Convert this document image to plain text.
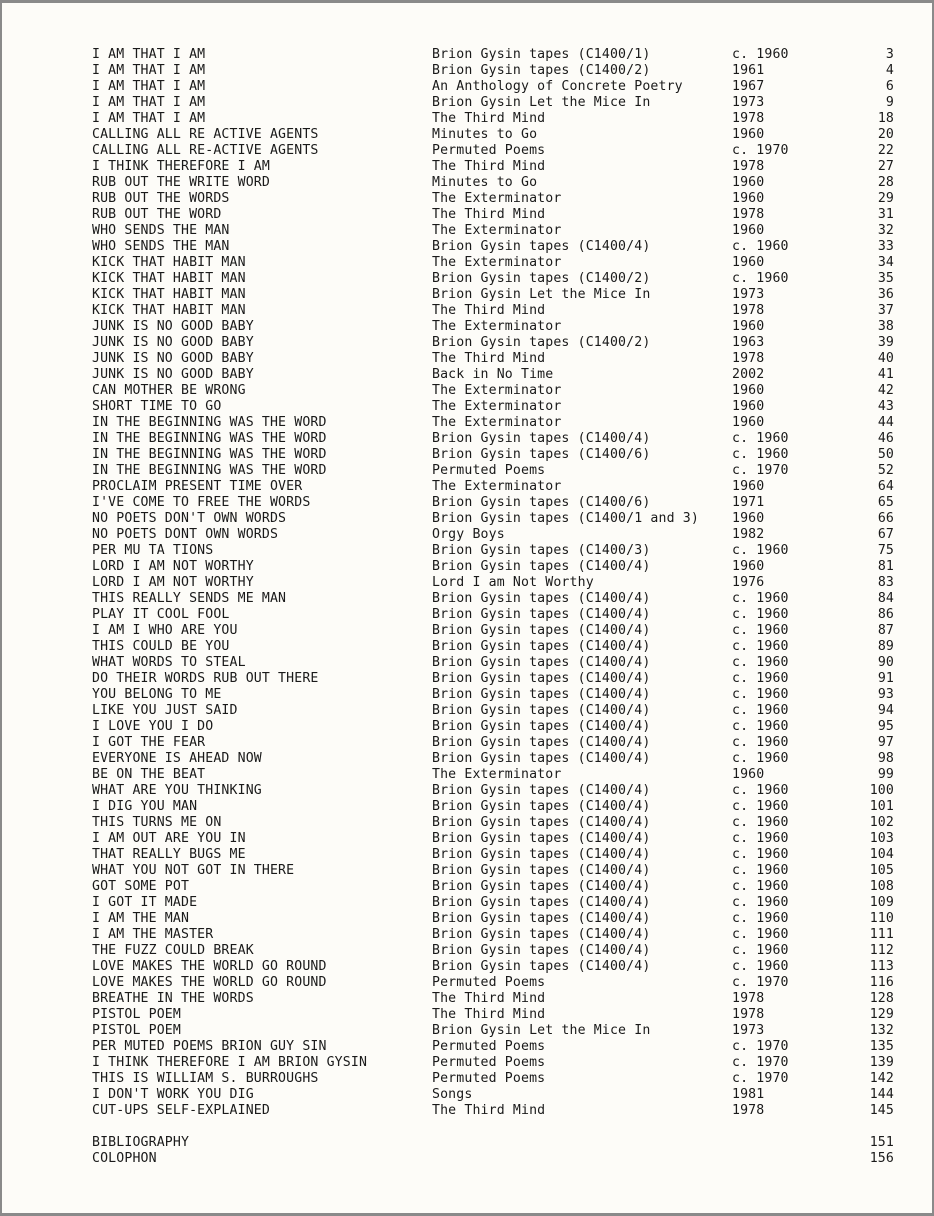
I AM THAT I AM	Brion Gysin tapes (C1400/1)	c. 1960	3
I AM THAT I AM	Brion Gysin tapes (C1400/2)	1961	4
I AM THAT I AM	An Anthology of Concrete Poetry	1967	6
I AM THAT I AM	Brion Gysin Let the Mice In	1973	9
I AM THAT I AM	The Third Mind	1978	18
CALLING ALL RE ACTIVE AGENTS	Minutes to Go	1960	20
CALLING ALL RE-ACTIVE AGENTS	Permuted Poems	c. 1970	22
I THINK THEREFORE I AM	The Third Mind	1978	27
RUB OUT THE WRITE WORD	Minutes to Go	1960	28
RUB OUT THE WORDS	The Exterminator	1960	29
RUB OUT THE WORD	The Third Mind	1978	31
WHO SENDS THE MAN	The Exterminator	1960	32
WHO SENDS THE MAN	Brion Gysin tapes (C1400/4)	c. 1960	33
KICK THAT HABIT MAN	The Exterminator	1960	34
KICK THAT HABIT MAN	Brion Gysin tapes (C1400/2)	c. 1960	35
KICK THAT HABIT MAN	Brion Gysin Let the Mice In	1973	36
KICK THAT HABIT MAN	The Third Mind	1978	37
JUNK IS NO GOOD BABY	The Exterminator	1960	38
JUNK IS NO GOOD BABY	Brion Gysin tapes (C1400/2)	1963	39
JUNK IS NO GOOD BABY	The Third Mind	1978	40
JUNK IS NO GOOD BABY	Back in No Time	2002	41
CAN MOTHER BE WRONG	The Exterminator	1960	42
SHORT TIME TO GO	The Exterminator	1960	43
IN THE BEGINNING WAS THE WORD	The Exterminator	1960	44
IN THE BEGINNING WAS THE WORD	Brion Gysin tapes (C1400/4)	c. 1960	46
IN THE BEGINNING WAS THE WORD	Brion Gysin tapes (C1400/6)	c. 1960	50
IN THE BEGINNING WAS THE WORD	Permuted Poems	c. 1970	52
PROCLAIM PRESENT TIME OVER	The Exterminator	1960	64
I'VE COME TO FREE THE WORDS	Brion Gysin tapes (C1400/6)	1971	65
NO POETS DON'T OWN WORDS	Brion Gysin tapes (C1400/1 and 3)	1960	66
NO POETS DONT OWN WORDS	Orgy Boys	1982	67
PER MU TA TIONS	Brion Gysin tapes (C1400/3)	c. 1960	75
LORD I AM NOT WORTHY	Brion Gysin tapes (C1400/4)	1960	81
LORD I AM NOT WORTHY	Lord I am Not Worthy	1976	83
THIS REALLY SENDS ME MAN	Brion Gysin tapes (C1400/4)	c. 1960	84
PLAY IT COOL FOOL	Brion Gysin tapes (C1400/4)	c. 1960	86
I AM I WHO ARE YOU	Brion Gysin tapes (C1400/4)	c. 1960	87
THIS COULD BE YOU	Brion Gysin tapes (C1400/4)	c. 1960	89
WHAT WORDS TO STEAL	Brion Gysin tapes (C1400/4)	c. 1960	90
DO THEIR WORDS RUB OUT THERE	Brion Gysin tapes (C1400/4)	c. 1960	91
YOU BELONG TO ME	Brion Gysin tapes (C1400/4)	c. 1960	93
LIKE YOU JUST SAID	Brion Gysin tapes (C1400/4)	c. 1960	94
I LOVE YOU I DO	Brion Gysin tapes (C1400/4)	c. 1960	95
I GOT THE FEAR	Brion Gysin tapes (C1400/4)	c. 1960	97
EVERYONE IS AHEAD NOW	Brion Gysin tapes (C1400/4)	c. 1960	98
BE ON THE BEAT	The Exterminator	1960	99
WHAT ARE YOU THINKING	Brion Gysin tapes (C1400/4)	c. 1960	100
I DIG YOU MAN	Brion Gysin tapes (C1400/4)	c. 1960	101
THIS TURNS ME ON	Brion Gysin tapes (C1400/4)	c. 1960	102
I AM OUT ARE YOU IN	Brion Gysin tapes (C1400/4)	c. 1960	103
THAT REALLY BUGS ME	Brion Gysin tapes (C1400/4)	c. 1960	104
WHAT YOU NOT GOT IN THERE	Brion Gysin tapes (C1400/4)	c. 1960	105
GOT SOME POT	Brion Gysin tapes (C1400/4)	c. 1960	108
I GOT IT MADE	Brion Gysin tapes (C1400/4)	c. 1960	109
I AM THE MAN	Brion Gysin tapes (C1400/4)	c. 1960	110
I AM THE MASTER	Brion Gysin tapes (C1400/4)	c. 1960	111
THE FUZZ COULD BREAK	Brion Gysin tapes (C1400/4)	c. 1960	112
LOVE MAKES THE WORLD GO ROUND	Brion Gysin tapes (C1400/4)	c. 1960	113
LOVE MAKES THE WORLD GO ROUND	Permuted Poems	c. 1970	116
BREATHE IN THE WORDS	The Third Mind	1978	128
PISTOL POEM	The Third Mind	1978	129
PISTOL POEM	Brion Gysin Let the Mice In	1973	132
PER MUTED POEMS BRION GUY SIN	Permuted Poems	c. 1970	135
I THINK THEREFORE I AM BRION GYSIN	Permuted Poems	c. 1970	139
THIS IS WILLIAM S. BURROUGHS	Permuted Poems	c. 1970	142
I DON'T WORK YOU DIG	Songs	1981	144
CUT-UPS SELF-EXPLAINED	The Third Mind	1978	145
BIBLIOGRAPHY	151
COLOPHON	156
